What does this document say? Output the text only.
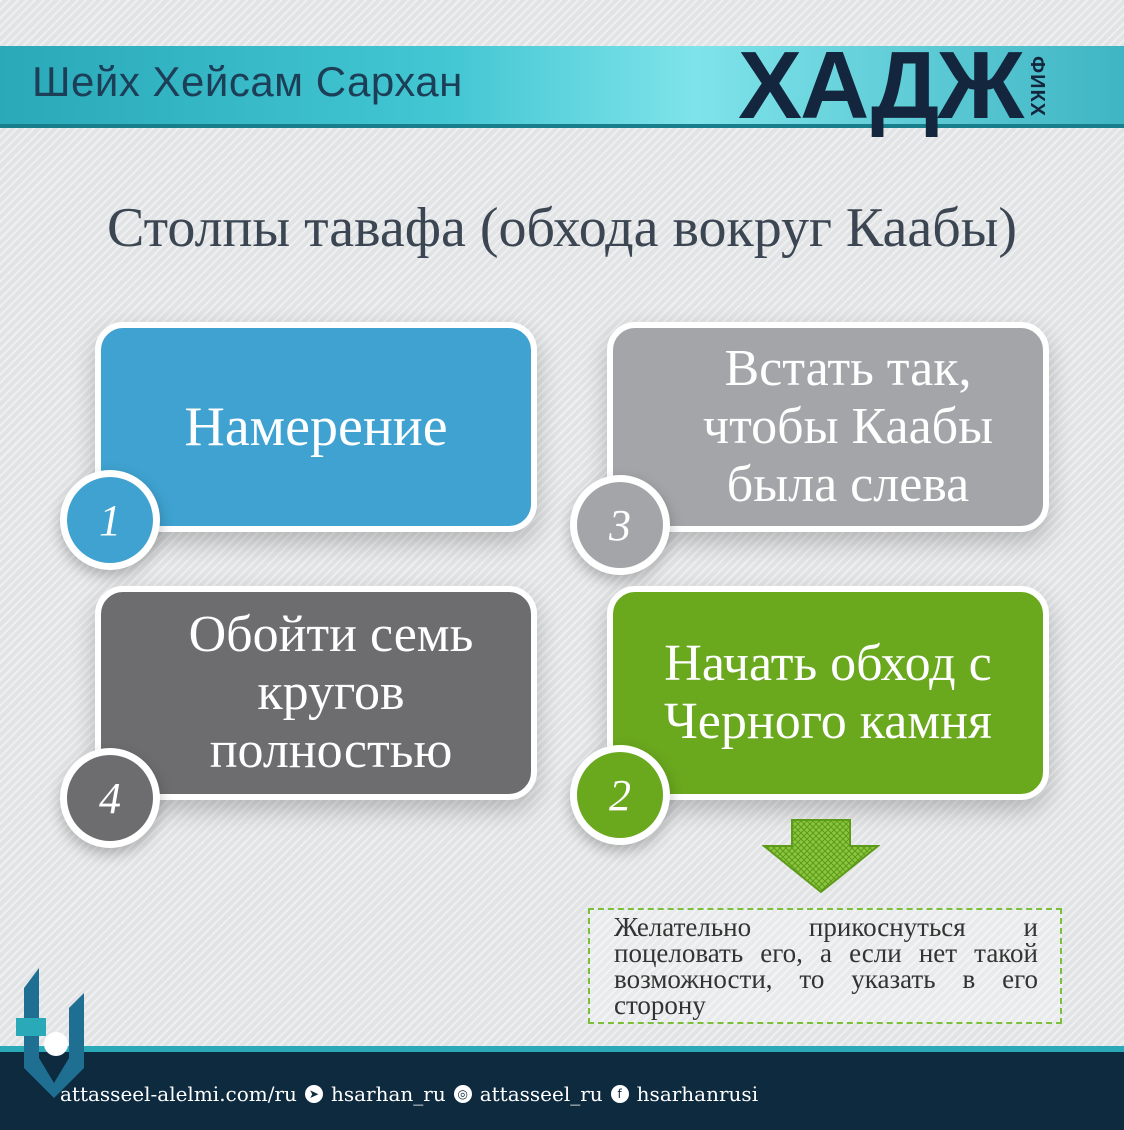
Шейх Хейсам Сархан	ХАДЖ ФИКХ
Столпы тавафа (обхода вокруг Каабы)
Намерение
1
Встать так, чтобы Каабы была слева
3
Обойти семь кругов полностью
4
Начать обход с Черного камня
2
Желательно прикоснуться и поцеловать его, а если нет такой возможности, то указать в его сторону
attasseel-alelmi.com/ru ➤ hsarhan_ru ◎ attasseel_ru	f hsarhanrusi
